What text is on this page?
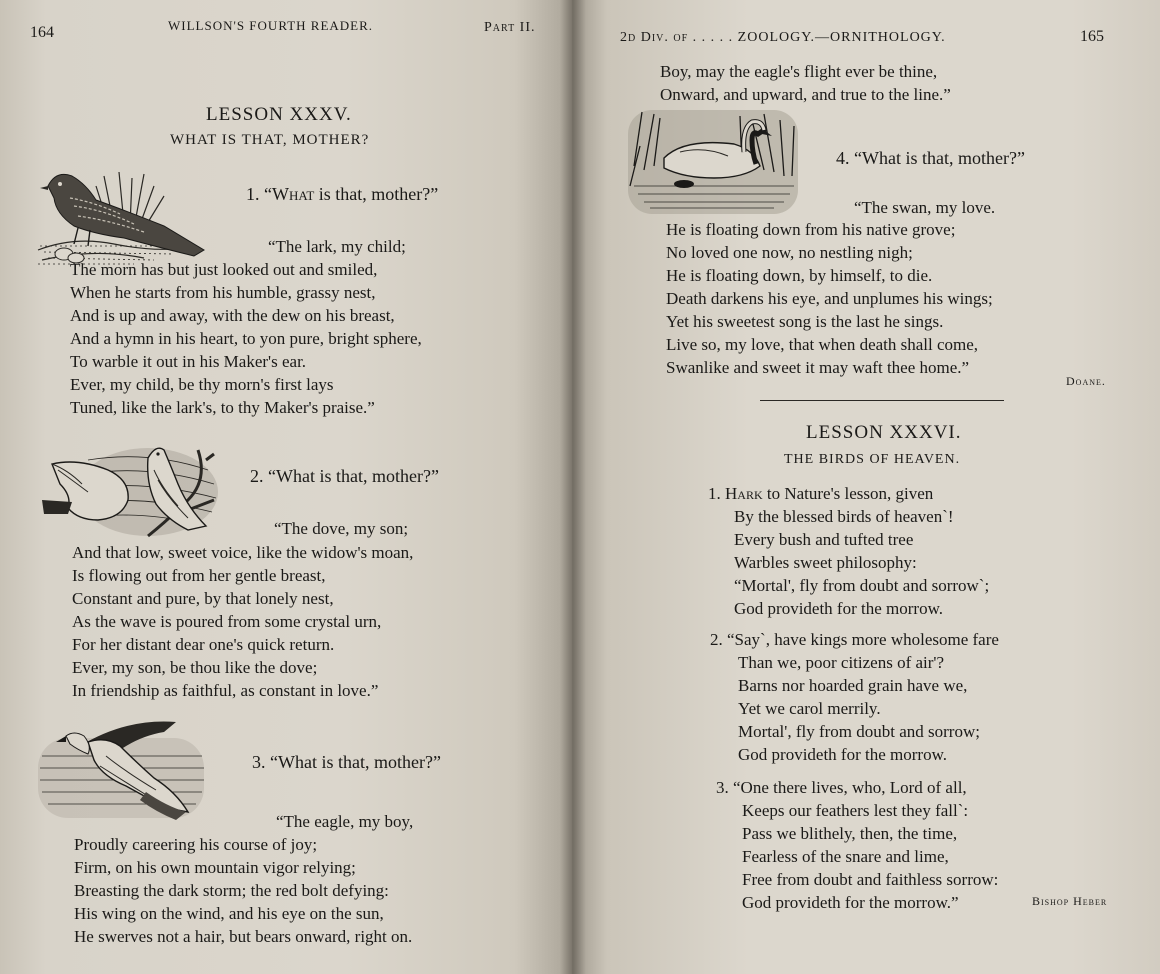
164	WILLSON'S FOURTH READER.	Part II.
LESSON XXXV.
WHAT IS THAT, MOTHER?
1. “What is that, mother?”
“The lark, my child;
The morn has but just looked out and smiled,
When he starts from his humble, grassy nest,
And is up and away, with the dew on his breast,
And a hymn in his heart, to yon pure, bright sphere,
To warble it out in his Maker's ear.
Ever, my child, be thy morn's first lays
Tuned, like the lark's, to thy Maker's praise.”
2. “What is that, mother?”
“The dove, my son;
And that low, sweet voice, like the widow's moan,
Is flowing out from her gentle breast,
Constant and pure, by that lonely nest,
As the wave is poured from some crystal urn,
For her distant dear one's quick return.
Ever, my son, be thou like the dove;
In friendship as faithful, as constant in love.”
3. “What is that, mother?”
“The eagle, my boy,
Proudly careering his course of joy;
Firm, on his own mountain vigor relying;
Breasting the dark storm; the red bolt defying:
His wing on the wind, and his eye on the sun,
He swerves not a hair, but bears onward, right on.
2d Div. of . . . . . ZOOLOGY.—ORNITHOLOGY.	165
Boy, may the eagle's flight ever be thine,
Onward, and upward, and true to the line.”
4. “What is that, mother?”
“The swan, my love.
He is floating down from his native grove;
No loved one now, no nestling nigh;
He is floating down, by himself, to die.
Death darkens his eye, and unplumes his wings;
Yet his sweetest song is the last he sings.
Live so, my love, that when death shall come,
Swanlike and sweet it may waft thee home.”
Doane.
LESSON XXXVI.
THE BIRDS OF HEAVEN.
1. Hark to Nature's lesson, given
By the blessed birds of heaven`!
Every bush and tufted tree
Warbles sweet philosophy:
“Mortal', fly from doubt and sorrow`;
God provideth for the morrow.
2. “Say`, have kings more wholesome fare
Than we, poor citizens of air'?
Barns nor hoarded grain have we,
Yet we carol merrily.
Mortal', fly from doubt and sorrow;
God provideth for the morrow.
3. “One there lives, who, Lord of all,
Keeps our feathers lest they fall`:
Pass we blithely, then, the time,
Fearless of the snare and lime,
Free from doubt and faithless sorrow:
God provideth for the morrow.”	Bishop Heber
